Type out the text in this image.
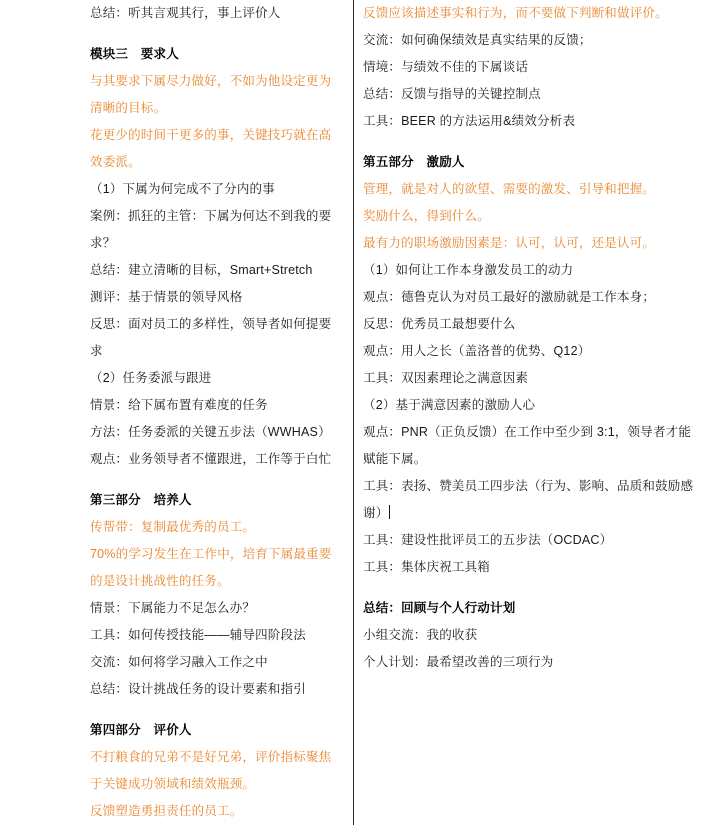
总结：听其言观其行，事上评价人
模块三　要求人
与其要求下属尽力做好，不如为他设定更为清晰的目标。
花更少的时间干更多的事，关键技巧就在高效委派。
（1）下属为何完成不了分内的事
案例：抓狂的主管：下属为何达不到我的要求？
总结：建立清晰的目标，Smart+Stretch
测评：基于情景的领导风格
反思：面对员工的多样性，领导者如何提要求
（2）任务委派与跟进
情景：给下属布置有难度的任务
方法：任务委派的关键五步法（WWHAS）
观点：业务领导者不懂跟进，工作等于白忙
第三部分　培养人
传帮带：复制最优秀的员工。
70%的学习发生在工作中，培育下属最重要的是设计挑战性的任务。
情景：下属能力不足怎么办？
工具：如何传授技能——辅导四阶段法
交流：如何将学习融入工作之中
总结：设计挑战任务的设计要素和指引
第四部分　评价人
不打粮食的兄弟不是好兄弟，评价指标聚焦于关键成功领域和绩效瓶颈。
反馈塑造勇担责任的员工。
反馈应该描述事实和行为，而不要做下判断和做评价。
交流：如何确保绩效是真实结果的反馈；
情境：与绩效不佳的下属谈话
总结：反馈与指导的关键控制点
工具：BEER 的方法运用&绩效分析表
第五部分　激励人
管理，就是对人的欲望、需要的激发、引导和把握。
奖励什么，得到什么。
最有力的职场激励因素是：认可，认可，还是认可。
（1）如何让工作本身激发员工的动力
观点：德鲁克认为对员工最好的激励就是工作本身；
反思：优秀员工最想要什么
观点：用人之长（盖洛普的优势、Q12）
工具：双因素理论之满意因素
（2）基于满意因素的激励人心
观点：PNR（正负反馈）在工作中至少到 3:1，领导者才能赋能下属。
工具：表扬、赞美员工四步法（行为、影响、品质和鼓励感谢）
工具：建设性批评员工的五步法（OCDAC）
工具：集体庆祝工具箱
总结：回顾与个人行动计划
小组交流：我的收获
个人计划：最希望改善的三项行为
